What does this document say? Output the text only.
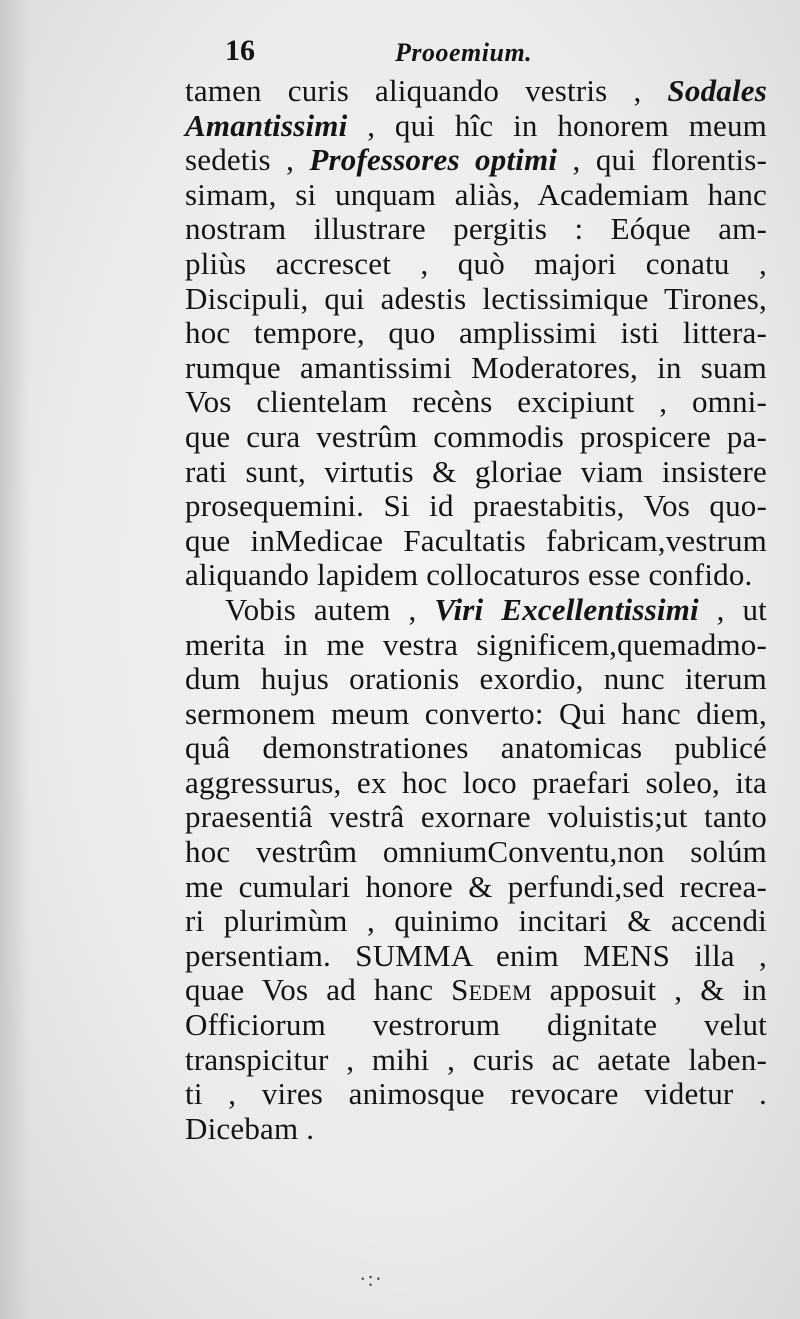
16	Prooemium.
tamen curis aliquando vestris , Sodales
Amantissimi , qui hîc in honorem meum
sedetis , Professores optimi , qui florentis-
simam, si unquam aliàs, Academiam hanc
nostram illustrare pergitis : Eóque am-
pliùs accrescet , quò majori conatu ,
Discipuli, qui adestis lectissimique Tirones,
hoc tempore, quo amplissimi isti littera-
rumque amantissimi Moderatores, in suam
Vos clientelam recèns excipiunt , omni-
que cura vestrûm commodis prospicere pa-
rati sunt, virtutis & gloriae viam insistere
prosequemini. Si id praestabitis, Vos quo-
que inMedicae Facultatis fabricam,vestrum
aliquando lapidem collocaturos esse confido.
Vobis autem , Viri Excellentissimi , ut
merita in me vestra significem,quemadmo-
dum hujus orationis exordio, nunc iterum
sermonem meum converto: Qui hanc diem,
quâ demonstrationes anatomicas publicé
aggressurus, ex hoc loco praefari soleo, ita
praesentiâ vestrâ exornare voluistis;ut tanto
hoc vestrûm omniumConventu,non solúm
me cumulari honore & perfundi,sed recrea-
ri plurimùm , quinimo incitari & accendi
persentiam. SUMMA enim MENS illa ,
quae Vos ad hanc Sedem apposuit , & in
Officiorum vestrorum dignitate velut
transpicitur , mihi , curis ac aetate laben-
ti , vires animosque revocare videtur .
Dicebam .
∙:∙
